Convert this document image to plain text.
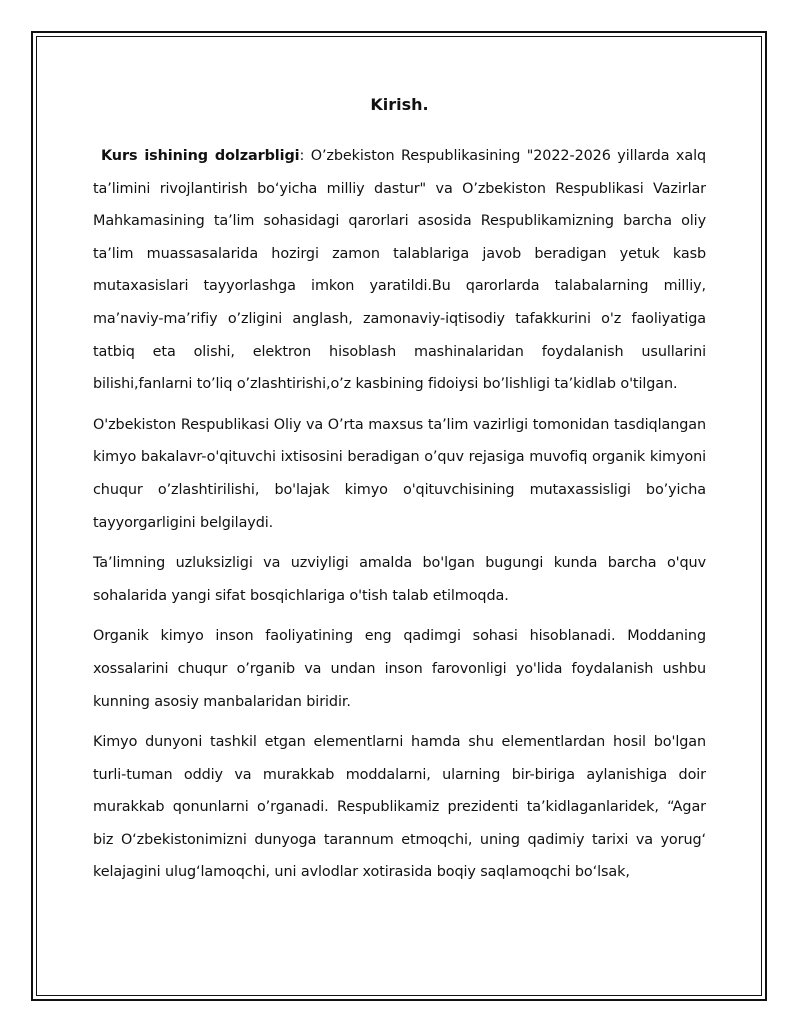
Kirish.

Kurs ishining dolzarbligi: O’zbekiston Respublikasining "2022-2026 yillarda xalq ta’limini rivojlantirish bo‘yicha milliy dastur" va O’zbekiston Respublikasi Vazirlar Mahkamasining ta’lim sohasidagi qarorlari asosida Respublikamizning barcha oliy ta’lim muassasalarida hozirgi zamon talablariga javob beradigan yetuk kasb mutaxasislari tayyorlashga imkon yaratildi.Bu qarorlarda talabalarning milliy, ma’naviy-ma’rifiy o’zligini anglash, zamonaviy-iqtisodiy tafakkurini o'z faoliyatiga tatbiq eta olishi, elektron hisoblash mashinalaridan foydalanish usullarini bilishi,fanlarni to’liq o’zlashtirishi,o’z kasbining fidoiysi bo’lishligi ta’kidlab o'tilgan.

O'zbekiston Respublikasi Oliy va O’rta maxsus ta’lim vazirligi tomonidan tasdiqlangan kimyo bakalavr-o'qituvchi ixtisosini beradigan o’quv rejasiga muvofiq organik kimyoni chuqur o’zlashtirilishi, bo'lajak kimyo o'qituvchisining mutaxassisligi bo’yicha tayyorgarligini belgilaydi.

Ta’limning uzluksizligi va uzviyligi amalda bo'lgan bugungi kunda barcha o'quv sohalarida yangi sifat bosqichlariga o'tish talab etilmoqda.

Organik kimyo inson faoliyatining eng qadimgi sohasi hisoblanadi. Moddaning xossalarini chuqur o’rganib va undan inson farovonligi yo'lida foydalanish ushbu kunning asosiy manbalaridan biridir.

Kimyo dunyoni tashkil etgan elementlarni hamda shu elementlardan hosil bo'lgan turli-tuman oddiy va murakkab moddalarni, ularning bir-biriga aylanishiga doir murakkab qonunlarni o’rganadi. Respublikamiz prezidenti ta’kidlaganlaridek, “Agar biz O‘zbekistonimizni dunyoga tarannum etmoqchi, uning qadimiy tarixi va yorug‘ kelajagini ulug‘lamoqchi, uni avlodlar xotirasida boqiy saqlamoqchi bo‘lsak,
